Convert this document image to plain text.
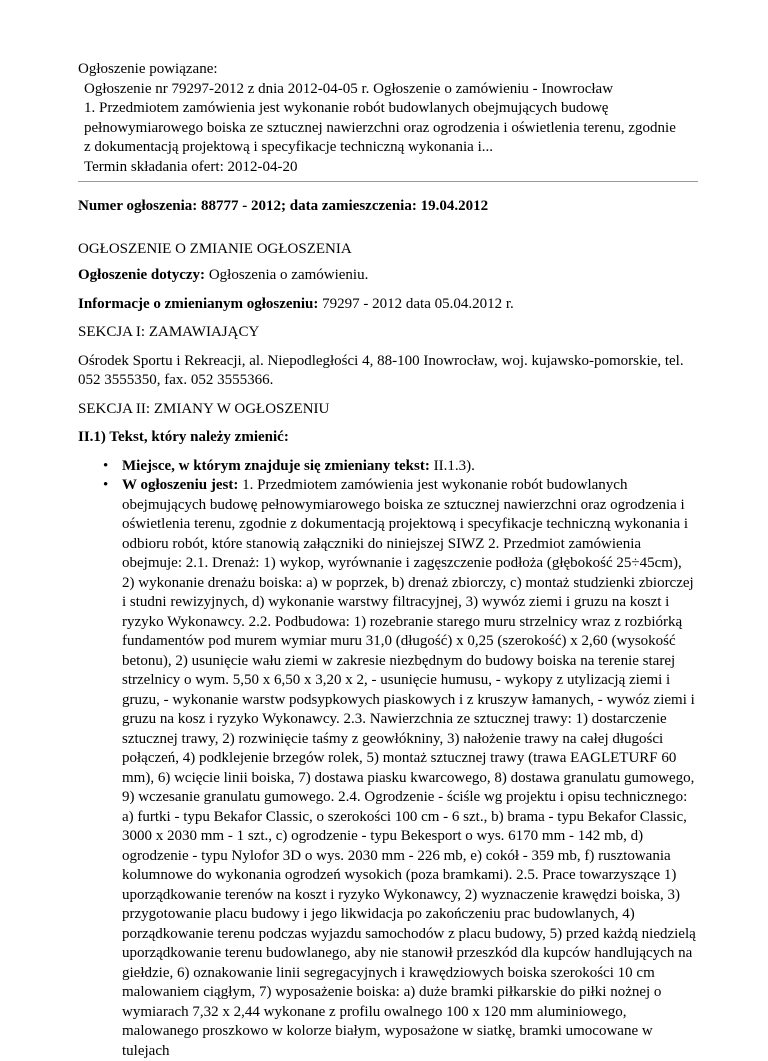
Ogłoszenie powiązane:
Ogłoszenie nr 79297-2012 z dnia 2012-04-05 r. Ogłoszenie o zamówieniu - Inowrocław
1. Przedmiotem zamówienia jest wykonanie robót budowlanych obejmujących budowę
pełnowymiarowego boiska ze sztucznej nawierzchni oraz ogrodzenia i oświetlenia terenu, zgodnie
z dokumentacją projektową i specyfikacje techniczną wykonania i...
Termin składania ofert: 2012-04-20

Numer ogłoszenia: 88777 - 2012; data zamieszczenia: 19.04.2012

OGŁOSZENIE O ZMIANIE OGŁOSZENIA

Ogłoszenie dotyczy: Ogłoszenia o zamówieniu.

Informacje o zmienianym ogłoszeniu: 79297 - 2012 data 05.04.2012 r.

SEKCJA I: ZAMAWIAJĄCY

Ośrodek Sportu i Rekreacji, al. Niepodległości 4, 88-100 Inowrocław, woj. kujawsko-pomorskie, tel. 052 3555350, fax. 052 3555366.

SEKCJA II: ZMIANY W OGŁOSZENIU

II.1) Tekst, który należy zmienić:

• Miejsce, w którym znajduje się zmieniany tekst: II.1.3).
• W ogłoszeniu jest: 1. Przedmiotem zamówienia jest wykonanie robót budowlanych obejmujących budowę pełnowymiarowego boiska ze sztucznej nawierzchni oraz ogrodzenia i oświetlenia terenu, zgodnie z dokumentacją projektową i specyfikacje techniczną wykonania i odbioru robót, które stanowią załączniki do niniejszej SIWZ 2. Przedmiot zamówienia obejmuje: 2.1. Drenaż: 1) wykop, wyrównanie i zagęszczenie podłoża (głębokość 25÷45cm), 2) wykonanie drenażu boiska: a) w poprzek, b) drenaż zbiorczy, c) montaż studzienki zbiorczej i studni rewizyjnych, d) wykonanie warstwy filtracyjnej, 3) wywóz ziemi i gruzu na koszt i ryzyko Wykonawcy. 2.2. Podbudowa: 1) rozebranie starego muru strzelnicy wraz z rozbiórką fundamentów pod murem wymiar muru 31,0 (długość) x 0,25 (szerokość) x 2,60 (wysokość betonu), 2) usunięcie wału ziemi w zakresie niezbędnym do budowy boiska na terenie starej strzelnicy o wym. 5,50 x 6,50 x 3,20 x 2, - usunięcie humusu, - wykopy z utylizacją ziemi i gruzu, - wykonanie warstw podsypkowych piaskowych i z kruszyw łamanych, - wywóz ziemi i gruzu na kosz i ryzyko Wykonawcy. 2.3. Nawierzchnia ze sztucznej trawy: 1) dostarczenie sztucznej trawy, 2) rozwinięcie taśmy z geowłókniny, 3) nałożenie trawy na całej długości połączeń, 4) podklejenie brzegów rolek, 5) montaż sztucznej trawy (trawa EAGLETURF 60 mm), 6) wcięcie linii boiska, 7) dostawa piasku kwarcowego, 8) dostawa granulatu gumowego, 9) wczesanie granulatu gumowego. 2.4. Ogrodzenie - ściśle wg projektu i opisu technicznego: a) furtki - typu Bekafor Classic, o szerokości 100 cm - 6 szt., b) brama - typu Bekafor Classic, 3000 x 2030 mm - 1 szt., c) ogrodzenie - typu Bekesport o wys. 6170 mm - 142 mb, d) ogrodzenie - typu Nylofor 3D o wys. 2030 mm - 226 mb, e) cokół - 359 mb, f) rusztowania kolumnowe do wykonania ogrodzeń wysokich (poza bramkami). 2.5. Prace towarzyszące 1) uporządkowanie terenów na koszt i ryzyko Wykonawcy, 2) wyznaczenie krawędzi boiska, 3) przygotowanie placu budowy i jego likwidacja po zakończeniu prac budowlanych, 4) porządkowanie terenu podczas wyjazdu samochodów z placu budowy, 5) przed każdą niedzielą uporządkowanie terenu budowlanego, aby nie stanowił przeszkód dla kupców handlujących na giełdzie, 6) oznakowanie linii segregacyjnych i krawędziowych boiska szerokości 10 cm malowaniem ciągłym, 7) wyposażenie boiska: a) duże bramki piłkarskie do piłki nożnej o wymiarach 7,32 x 2,44 wykonane z profilu owalnego 100 x 120 mm aluminiowego, malowanego proszkowo w kolorze białym, wyposażone w siatkę, bramki umocowane w tulejach
